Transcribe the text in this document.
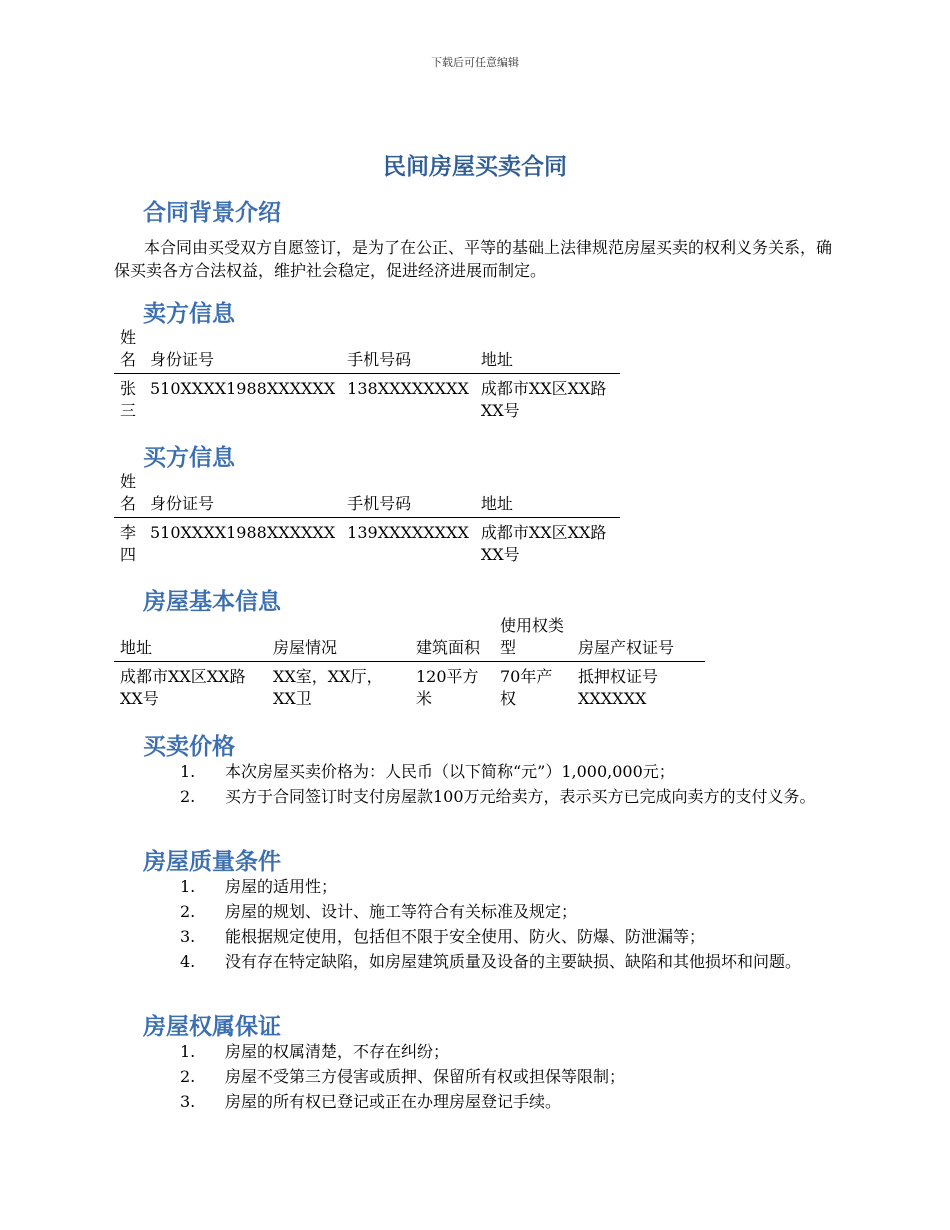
下载后可任意编辑
民间房屋买卖合同
合同背景介绍
本合同由买受双方自愿签订，是为了在公正、平等的基础上法律规范房屋买卖的权利义务关系，确保买卖各方合法权益，维护社会稳定，促进经济进展而制定。
卖方信息
姓名	身份证号	手机号码	地址
张三	510XXXX1988XXXXXX	138XXXXXXXX	成都市XX区XX路XX号
买方信息
姓名	身份证号	手机号码	地址
李四	510XXXX1988XXXXXX	139XXXXXXXX	成都市XX区XX路XX号
房屋基本信息
地址	房屋情况	建筑面积	使用权类型	房屋产权证号
成都市XX区XX路XX号	XX室，XX厅，XX卫	120平方米	70年产权	抵押权证号XXXXXX
买卖价格
1. 本次房屋买卖价格为：人民币（以下简称“元”）1,000,000元；
2. 买方于合同签订时支付房屋款100万元给卖方，表示买方已完成向卖方的支付义务。
房屋质量条件
1. 房屋的适用性；
2. 房屋的规划、设计、施工等符合有关标准及规定；
3. 能根据规定使用，包括但不限于安全使用、防火、防爆、防泄漏等；
4. 没有存在特定缺陷，如房屋建筑质量及设备的主要缺损、缺陷和其他损坏和问题。
房屋权属保证
1. 房屋的权属清楚，不存在纠纷；
2. 房屋不受第三方侵害或质押、保留所有权或担保等限制；
3. 房屋的所有权已登记或正在办理房屋登记手续。
